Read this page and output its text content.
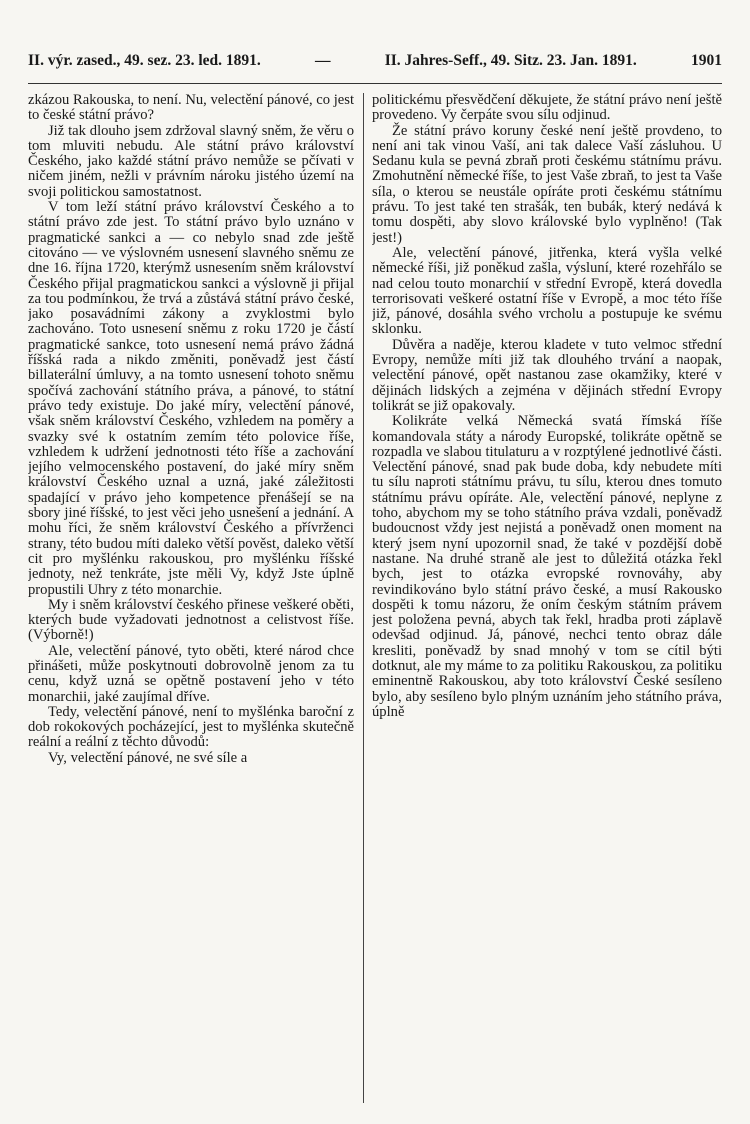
II. výr. zased., 49. sez. 23. led. 1891.	—	II. Jahres-Seff., 49. Sitz. 23. Jan. 1891.	1901

zkázou Rakouska, to není. Nu, velectění pánové, co jest to české státní právo?

Již tak dlouho jsem zdržoval slavný sněm, že věru o tom mluviti nebudu. Ale státní právo království Českého, jako každé státní právo nemůže se pčívati v ničem jiném, nežli v právním nároku jistého území na svoji politickou samostatnost.

V tom leží státní právo království Českého a to státní právo zde jest. To státní právo bylo uznáno v pragmatické sankci a — co nebylo snad zde ještě citováno — ve výslovném usnesení slavného sněmu ze dne 16. října 1720, kterýmž usnesením sněm království Českého přijal pragmatickou sankci a výslovně ji přijal za tou podmínkou, že trvá a zůstává státní právo české, jako posavádními zákony a zvyklostmi bylo zachováno. Toto usnesení sněmu z roku 1720 je částí pragmatické sankce, toto usnesení nemá právo žádná říšská rada a nikdo změniti, poněvadž jest částí billaterální úmluvy, a na tomto usnesení tohoto sněmu spočívá zachování státního práva, a pánové, to státní právo tedy existuje. Do jaké míry, velectění pánové, však sněm království Českého, vzhledem na poměry a svazky své k ostatním zemím této polovice říše, vzhledem k udržení jednotnosti této říše a zachování jejího velmocenského postavení, do jaké míry sněm království Českého uznal a uzná, jaké záležitosti spadající v právo jeho kompetence přenášejí se na sbory jiné říšské, to jest věci jeho usnešení a jednání. A mohu říci, že sněm království Českého a přívrženci strany, této budou míti daleko větší pověst, daleko větší cit pro myšlénku rakouskou, pro myšlénku říšské jednoty, než tenkráte, jste měli Vy, když Jste úplně propustili Uhry z této monarchie.

My i sněm království českého přinese veškeré oběti, kterých bude vyžadovati jednotnost a celistvost říše. (Výborně!)

Ale, velectění pánové, tyto oběti, které národ chce přinášeti, může poskytnouti dobrovolně jenom za tu cenu, když uzná se opětně postavení jeho v této monarchii, jaké zaujímal dříve.

Tedy, velectění pánové, není to myšlénka baroční z dob rokokových pocházející, jest to myšlénka skutečně reální a reální z těchto důvodů:

Vy, velectění pánové, ne své síle a

politickému přesvědčení děkujete, že státní právo není ještě provedeno. Vy čerpáte svou sílu odjinud.

Že státní právo koruny české není ještě provdeno, to není ani tak vinou Vaší, ani tak dalece Vaší zásluhou. U Sedanu kula se pevná zbraň proti českému státnímu právu. Zmohutnění německé říše, to jest Vaše zbraň, to jest ta Vaše síla, o kterou se neustále opíráte proti českému státnímu právu. To jest také ten strašák, ten bubák, který nedává k tomu dospěti, aby slovo královské bylo vyplněno! (Tak jest!)

Ale, velectění pánové, jitřenka, která vyšla velké německé říši, již poněkud zašla, výsluní, které rozehřálo se nad celou touto monarchií v střední Evropě, která dovedla terrorisovati veškeré ostatní říše v Evropě, a moc této říše již, pánové, dosáhla svého vrcholu a postupuje ke svému sklonku.

Důvěra a naděje, kterou kladete v tuto velmoc střední Evropy, nemůže míti již tak dlouhého trvání a naopak, velectění pánové, opět nastanou zase okamžiky, které v dějinách lidských a zejména v dějinách střední Evropy tolikrát se již opakovaly.

Kolikráte velká Německá svatá římská říše komandovala státy a národy Europské, tolikráte opětně se rozpadla ve slabou titulaturu a v rozptýlené jednotlivé části. Velectění pánové, snad pak bude doba, kdy nebudete míti tu sílu naproti státnímu právu, tu sílu, kterou dnes tomuto státnímu právu opíráte. Ale, velectění pánové, neplyne z toho, abychom my se toho státního práva vzdali, poněvadž budoucnost vždy jest nejistá a poněvadž onen moment na který jsem nyní upozornil snad, že také v pozdější době nastane. Na druhé straně ale jest to důležitá otázka řekl bych, jest to otázka evropské rovnováhy, aby revindikováno bylo státní právo české, a musí Rakousko dospěti k tomu názoru, že oním českým státním právem jest položena pevná, abych tak řekl, hradba proti záplavě odevšad odjinud. Já, pánové, nechci tento obraz dále kresliti, poněvadž by snad mnohý v tom se cítil býti dotknut, ale my máme to za politiku Rakouskou, za politiku eminentně Rakouskou, aby toto království České sesíleno bylo, aby sesíleno bylo plným uznáním jeho státního práva, úplně
